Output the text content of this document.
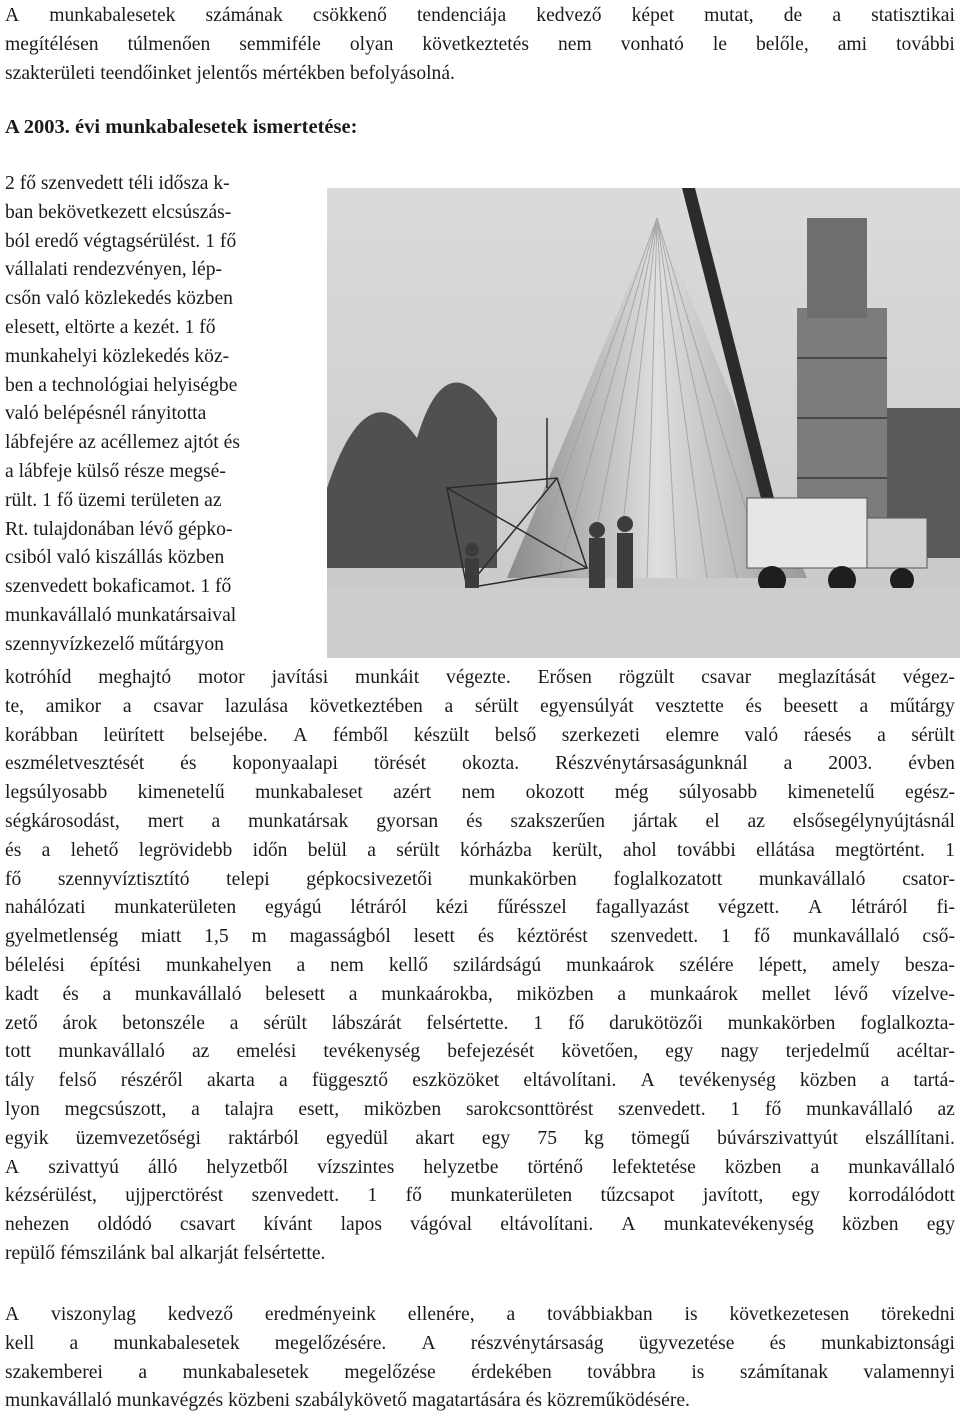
A munkabalesetek számának csökkenő tendenciája kedvező képet mutat, de a statisztikai
megítélésen túlmenően semmiféle olyan következtetés nem vonható le belőle, ami további
szakterületi teendőinket jelentős mértékben befolyásolná.
A 2003. évi munkabalesetek ismertetése:
2 fő szenvedett téli idősza k-
ban bekövetkezett elcsúszás-
ból eredő végtagsérülést. 1 fő
vállalati rendezvényen, lép-
csőn való közlekedés közben
elesett, eltörte a kezét. 1 fő
munkahelyi közlekedés köz-
ben a technológiai helyiségbe
való belépésnél rányitotta
lábfejére az acéllemez ajtót és
a lábfeje külső része megsé-
rült. 1 fő üzemi területen az
Rt. tulajdonában lévő gépko-
csiból való kiszállás közben
szenvedett bokaficamot. 1 fő
munkavállaló munkatársaival
szennyvízkezelő műtárgyon
kotróhíd meghajtó motor javítási munkáit végezte. Erősen rögzült csavar meglazítását végez-
te, amikor a csavar lazulása következtében a sérült egyensúlyát vesztette és beesett a műtárgy
korábban leürített belsejébe. A fémből készült belső szerkezeti elemre való ráesés a sérült
eszméletvesztését és koponyaalapi törését okozta. Részvénytársaságunknál a 2003. évben
legsúlyosabb kimenetelű munkabaleset azért nem okozott még súlyosabb kimenetelű egész-
ségkárosodást, mert a munkatársak gyorsan és szakszerűen jártak el az elsősegélynyújtásnál
és a lehető legrövidebb időn belül a sérült kórházba került, ahol további ellátása megtörtént. 1
fő szennyvíztisztító telepi gépkocsivezetői munkakörben foglalkozatott munkavállaló csator-
nahálózati munkaterületen egyágú létráról kézi fűrésszel fagallyazást végzett. A létráról fi-
gyelmetlenség miatt 1,5 m magasságból lesett és kéztörést szenvedett. 1 fő munkavállaló cső-
bélelési építési munkahelyen a nem kellő szilárdságú munkaárok szélére lépett, amely besza-
kadt és a munkavállaló belesett a munkaárokba, miközben a munkaárok mellet lévő vízelve-
zető árok betonszéle a sérült lábszárát felsértette. 1 fő darukötözői munkakörben foglalkozta-
tott munkavállaló az emelési tevékenység befejezését követően, egy nagy terjedelmű acéltar-
tály felső részéről akarta a függesztő eszközöket eltávolítani. A tevékenység közben a tartá-
lyon megcsúszott, a talajra esett, miközben sarokcsonttörést szenvedett. 1 fő munkavállaló az
egyik üzemvezetőségi raktárból egyedül akart egy 75 kg tömegű búvárszivattyút elszállítani.
A szivattyú álló helyzetből vízszintes helyzetbe történő lefektetése közben a munkavállaló
kézsérülést, ujjperctörést szenvedett. 1 fő munkaterületen tűzcsapot javított, egy korrodálódott
nehezen oldódó csavart kívánt lapos vágóval eltávolítani. A munkatevékenység közben egy
repülő fémszilánk bal alkarját felsértette.
A viszonylag kedvező eredményeink ellenére, a továbbiakban is következetesen törekedni
kell a munkabalesetek megelőzésére. A részvénytársaság ügyvezetése és munkabiztonsági
szakemberei a munkabalesetek megelőzése érdekében továbbra is számítanak valamennyi
munkavállaló munkavégzés közbeni szabálykövető magatartására és közreműködésére.
